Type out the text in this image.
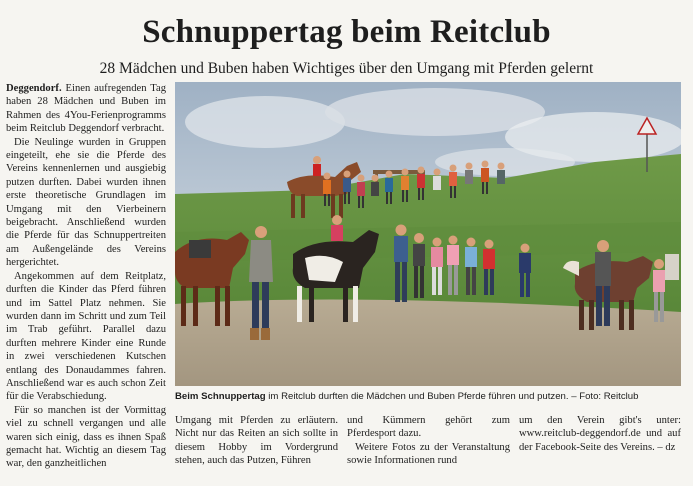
Schnuppertag beim Reitclub
28 Mädchen und Buben haben Wichtiges über den Umgang mit Pferden gelernt

Deggendorf. Einen aufregenden Tag haben 28 Mädchen und Buben im Rahmen des 4You-Ferienprogramms beim Reitclub Deggendorf verbracht.

Die Neulinge wurden in Gruppen eingeteilt, ehe sie die Pferde des Vereins kennenlernen und ausgiebig putzen durften. Dabei wurden ihnen erste theoretische Grundlagen im Umgang mit den Vierbeinern beigebracht. Anschließend wurden die Pferde für das Schnuppertreiten am Außengelände des Vereins hergerichtet.

Angekommen auf dem Reitplatz, durften die Kinder das Pferd führen und im Sattel Platz nehmen. Sie wurden dann im Schritt und zum Teil im Trab geführt. Parallel dazu durften mehrere Kinder eine Runde in zwei verschiedenen Kutschen entlang des Donaudammes fahren. Anschließend war es auch schon Zeit für die Verabschiedung.

Für so manchen ist der Vormittag viel zu schnell vergangen und alle waren sich einig, dass es ihnen Spaß gemacht hat. Wichtig an diesem Tag war, den ganzheitlichen

Beim Schnuppertag im Reitclub durften die Mädchen und Buben Pferde führen und putzen. – Foto: Reitclub

Umgang mit Pferden zu erläutern. Nicht nur das Reiten an sich sollte in diesem Hobby im Vordergrund stehen, auch das Putzen, Führen

und Kümmern gehört zum Pferdesport dazu.

Weitere Fotos zu der Veranstaltung sowie Informationen rund

um den Verein gibt's unter: www.reitclub-deggendorf.de und auf der Facebook-Seite des Vereins. – dz
